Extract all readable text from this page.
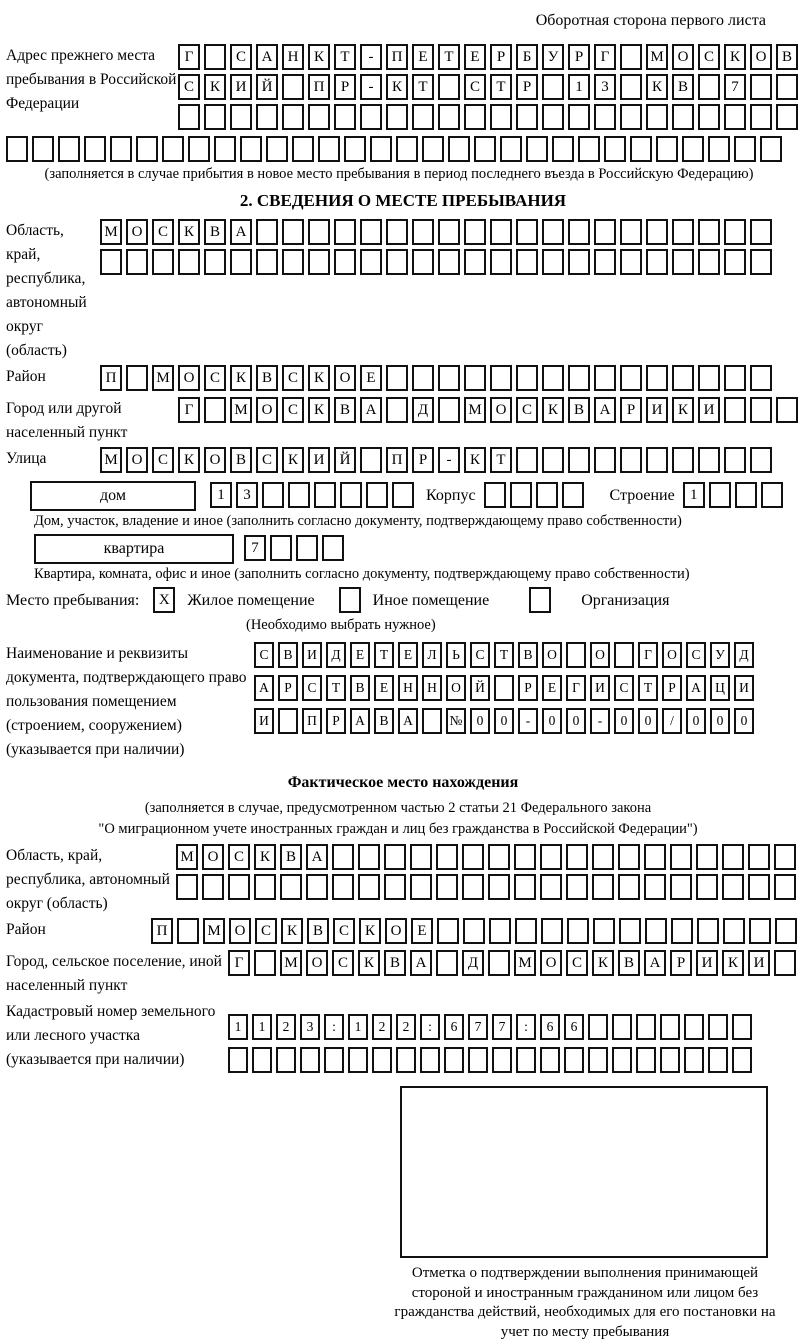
Оборотная сторона первого листа
Адрес прежнего места пребывания в Российской Федерации
Г	С А Н К Т - П Е Т Е Р Б У Р Г	М О С К О В
С К И Й	П Р - К Т	С Т Р	1 3	К В	7
(заполняется в случае прибытия в новое место пребывания в период последнего въезда в Российскую Федерацию)
2. СВЕДЕНИЯ О МЕСТЕ ПРЕБЫВАНИЯ
Область, край, республика, автономный округ (область)
М О С К В А
Район	П	М О С К В С К О Е
Город или другой населенный пункт
Г	М О С К В А	Д	М О С К В А Р И К И
Улица	М О С К О В С К И Й	П Р - К Т
дом	1 3	Корпус	Строение	1
Дом, участок, владение и иное (заполнить согласно документу, подтверждающему право собственности)
квартира	7
Квартира, комната, офис и иное (заполнить согласно документу, подтверждающему право собственности)
Место пребывания:	X	Жилое помещение	Иное помещение	Организация
(Необходимо выбрать нужное)
Наименование и реквизиты документа, подтверждающего право пользования помещением (строением, сооружением) (указывается при наличии)
С В И Д Е Т Е Л Ь С Т В О	О	Г О С У Д
А Р С Т В Е Н Н О Й	Р Е Г И С Т Р А Ц И
И	П Р А В А	№ 0 0 - 0 0 - 0 0 / 0 0 0
Фактическое место нахождения
(заполняется в случае, предусмотренном частью 2 статьи 21 Федерального закона
"О миграционном учете иностранных граждан и лиц без гражданства в Российской Федерации")
Область, край, республика, автономный округ (область)
М О С К В А
Район	П	М О С К В С К О Е
Город, сельское поселение, иной населенный пункт
Г	М О С К В А	Д	М О С К В А Р И К И
Кадастровый номер земельного или лесного участка (указывается при наличии)
1 1 2 3 : 1 2 2 : 6 7 7 : 6 6
Отметка о подтверждении выполнения принимающей стороной и иностранным гражданином или лицом без гражданства действий, необходимых для его постановки на учет по месту пребывания
